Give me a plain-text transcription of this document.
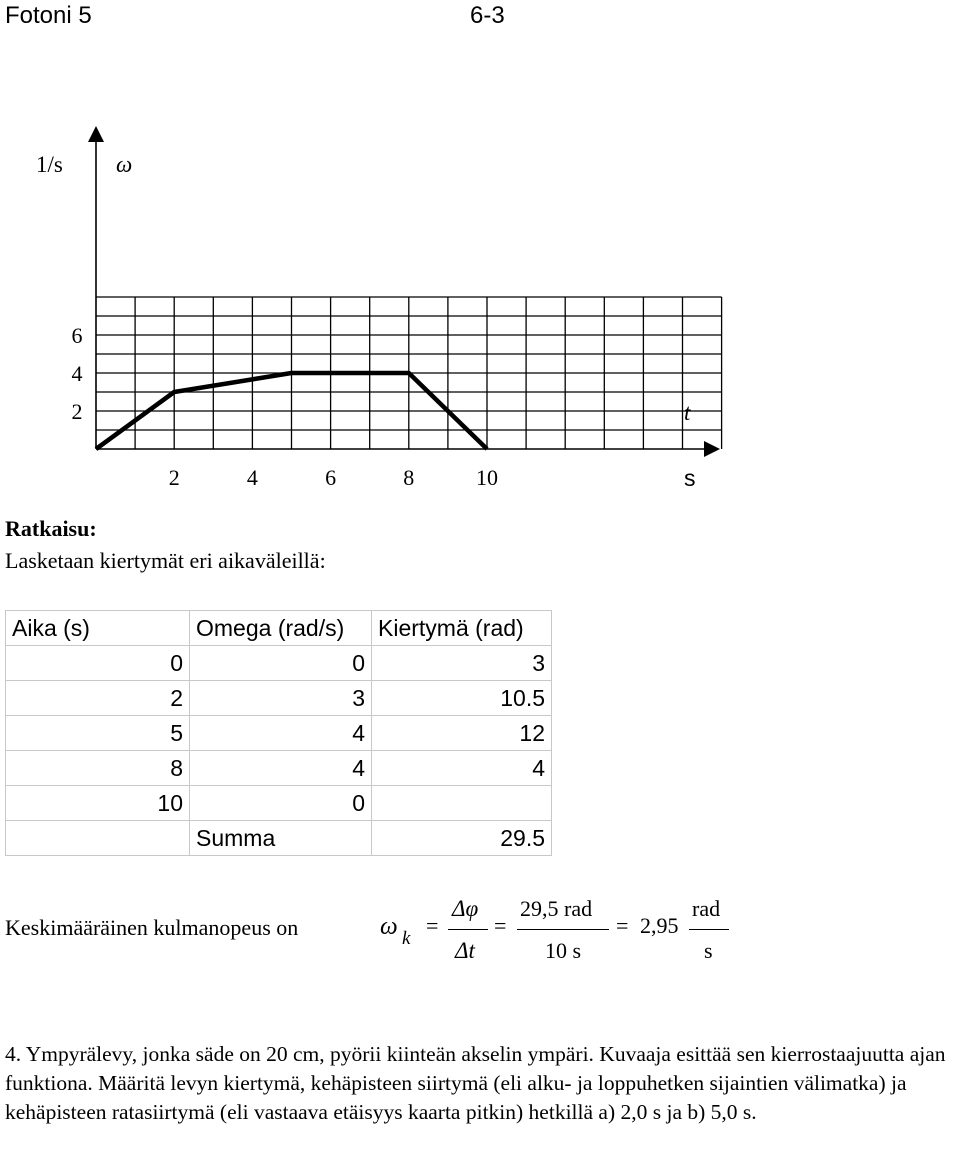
Fotoni 5	6-3
2	4	6	8	10
2
4
6
1/s ω
t
s
Ratkaisu:
Lasketaan kiertymät eri aikaväleillä:
Aika (s)	Omega (rad/s)	Kiertymä (rad)
0	0	3
2	3	10.5
5	4	12
8	4	4
10	0	
	Summa	29.5
Keskimääräinen kulmanopeus on	ω k
=
Δφ
Δt
=
29,5 rad
10 s
= 2,95
rad
s
4. Ympyrälevy, jonka säde on 20 cm, pyörii kiinteän akselin ympäri. Kuvaaja esittää sen kierrostaajuutta ajan funktiona. Määritä levyn kiertymä, kehäpisteen siirtymä (eli alku- ja loppuhetken sijaintien välimatka) ja kehäpisteen ratasiirtymä (eli vastaava etäisyys kaarta pitkin) hetkillä a) 2,0 s ja b) 5,0 s.
